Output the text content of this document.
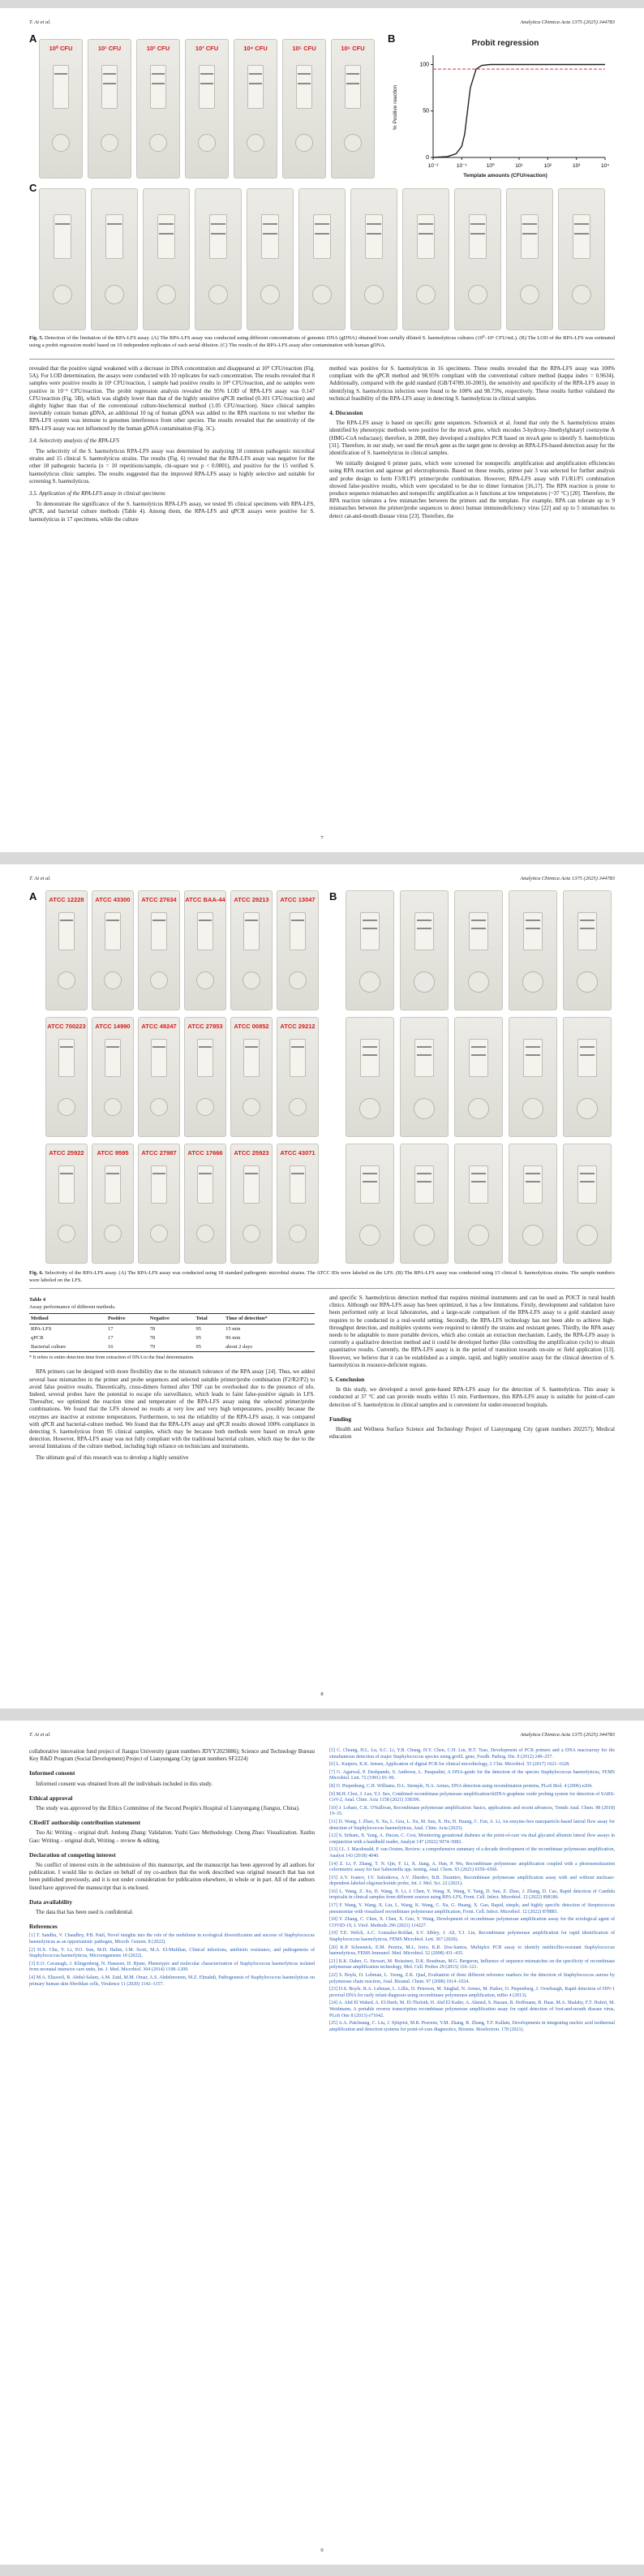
T. Ai et al.	Analytica Chimica Acta 1375 (2025) 344783
A
10⁰ CFU	10¹ CFU	10² CFU	10³ CFU	10⁴ CFU	10⁵ CFU	10⁶ CFU
B	Probit regression
% Positive reaction
0
50
100
10⁻²	10⁻¹	10⁰	10¹	10²	10³	10⁴
Template amounts (CFU/reaction)
C
Fig. 5. Detection of the limitation of the RPA-LFS assay. (A) The RPA-LFS assay was conducted using different concentrations of genomic DNA (gDNA) obtained from serially diluted S. haemolyticus cultures (10⁰–10⁶ CFU/mL). (B) The LOD of the RPA-LFS was estimated using a probit regression model based on 10 independent replicates of each serial dilution. (C) The results of the RPA-LFS assay after contamination with human gDNA.

revealed that the positive signal weakened with a decrease in DNA concentration and disappeared at 10⁰ CFU/reaction (Fig. 5A). For LOD determination, the assays were conducted with 10 replicates for each concentration. The results revealed that 8 samples were positive results in 10¹ CFU/reaction, 1 sample had positive results in 10⁰ CFU/reaction, and no samples were positive in 10⁻¹ CFU/reaction. The probit regression analysis revealed the 95% LOD of RPA-LFS assay was 0.147 CFU/reaction (Fig. 5B), which was slightly lower than that of the highly sensitive qPCR method (0.101 CFU/reaction) and slightly higher than that of the conventional culture-biochemical method (1.05 CFU/reaction). Since clinical samples inevitably contain human gDNA, an additional 10 ng of human gDNA was added to the RPA reactions to test whether the RPA-LFS system was immune to genomes interference from other species. The results revealed that the sensitivity of the RPA-LFS assay was not influenced by the human gDNA contamination (Fig. 5C).

3.4. Selectivity analysis of the RPA-LFS

The selectivity of the S. haemolyticus RPA-LFS assay was determined by analyzing 18 common pathogenic microbial strains and 15 clinical S. haemolyticus strains. The results (Fig. 6) revealed that the RPA-LFS assay was negative for the other 18 pathogenic bacteria (n = 10 repetitions/sample, chi-square test p < 0.0001), and positive for the 15 verified S. haemolyticus clinic samples. The results suggested that the improved RPA-LFS assay is highly selective and suitable for screening S. haemolyticus.

3.5. Application of the RPA-LFS assay in clinical specimens

To demonstrate the significance of the S. haemolyticus RPA-LFS assay, we tested 95 clinical specimens with RPA-LFS, qPCR, and bacterial culture methods (Table 4). Among them, the RPA-LFS and qPCR assays were positive for S. haemolyticus in 17 specimens, while the culture

method was positive for S. haemolyticus in 16 specimens. These results revealed that the RPA-LFS assay was 100% compliant with the qPCR method and 98.95% compliant with the conventional culture method (kappa index = 0.9634). Additionally, compared with the gold standard (GB/T4789.10-2003), the sensitivity and specificity of the RPA-LFS assay in identifying S. haemolyticus infection were found to be 100% and 98.73%, respectively. These results further validated the technical feasibility of the RPA-LFS assay in detecting S. haemolyticus in clinical samples.

4. Discussion

The RPA-LFS assay is based on specific gene sequences. Schoenick et al. found that only the S. haemolyticus strains identified by phenotypic methods were positive for the mvaA gene, which encodes 3-hydroxy-3methylglutaryl coenzyme A (HMG-CoA reductase); therefore, in 2008, they developed a multiplex PCR based on mvaA gene to identify S. haemolyticus [31]. Therefore, in our study, we used the mvaA gene as the target gene to develop an RPA-LFS-based detection assay for the identification of S. haemolyticus in clinical samples.

We initially designed 6 primer pairs, which were screened for nonspecific amplification and amplification efficiencies using RPA reaction and agarose gel electrophoresis. Based on these results, primer pair 3 was selected for further analysis and probe design to form F3/R1/P1 primer/probe combination. However, RPA-LFS assay with F1/R1/P1 combination showed false-positive results, which were speculated to be due to dimer formation [16,17]. The RPA reaction is prone to produce sequence mismatches and nonspecific amplification as it functions at low temperatures (~37 °C) [20]. Therefore, the RPA reaction tolerates a few mismatches between the primers and the template. For example, RPA can tolerate up to 9 mismatches between the primer/probe sequences to detect human immunodeficiency virus [22] and up to 5 mismatches to detect cat-and-mouth disease virus [23]. Therefore, the

7
T. Ai et al.	Analytica Chimica Acta 1375 (2025) 344783
A	ATCC 12228	ATCC 43300	ATCC 27634	ATCC BAA-44	ATCC 29213	ATCC 13047
ATCC 700223	ATCC 14990	ATCC 49247	ATCC 27853	ATCC 00852	ATCC 29212
ATCC 25922	ATCC 9595	ATCC 27987	ATCC 17666	ATCC 25923	ATCC 43071
B
Fig. 6. Selectivity of the RPA-LFS assay. (A) The RPA-LFS assay was conducted using 18 standard pathogenic microbial strains. The ATCC IDs were labeled on the LFS. (B) The RPA-LFS assay was conducted using 15 clinical S. haemolyticus strains. The sample numbers were labeled on the LFS.
Table 4
Assay performance of different methods.
Method	Positive	Negative	Total	Time of detection*
RPA-LFS	17	78	95	15 min
qPCR	17	78	95	96 min
Bacterial culture	16	79	95	about 2 days
* It refers to entire detection time from extraction of DNA to the final determination.

RPA primers can be designed with more flexibility due to the mismatch tolerance of the RPA assay [24]. Thus, we added several base mismatches in the primer and probe sequences and selected suitable primer/probe combination (F2/R2/P2) to avoid false positive results. Theoretically, cross-dimers formed after TNF can be overlooked due to the presence of nfo. Indeed, several probes have the potential to escape nfo surveillance, which leads to faint false-positive signals in LFS. Thereafter, we optimized the reaction time and temperature of the RPA-LFS assay using the selected primer/probe combinations. We found that the LFS showed no results at very low and very high temperatures, possibly because the enzymes are inactive at extreme temperatures. Furthermore, to test the reliability of the RPA-LFS assay, it was compared with qPCR and bacterial-culture method. We found that the RPA-LFS assay and qPCR results showed 100% compliance in detecting S. haemolyticus from 95 clinical samples, which may be because both methods were based on mvaA gene detection. However, RPA-LFS assay was not fully compliant with the traditional bacterial culture, which may be due to the several limitations of the culture method, including high reliance on technicians and instruments.

The ultimate goal of this research was to develop a highly sensitive

and specific S. haemolyticus detection method that requires minimal instruments and can be used as POCT in rural health clinics. Although our RPA-LFS assay has been optimized, it has a few limitations. Firstly, development and validation have been performed only at local laboratories, and a large-scale comparison of the RPA-LFS assay to a gold standard assay requires to be conducted in a real-world setting. Secondly, the RPA-LFS technology has not been able to achieve high-throughput detection, and multiplex systems were required to identify the strains and resistant genes. Thirdly, the RPA assay needs to be adaptable to more portable devices, which also contain an extraction mechanism. Lastly, the RPA-LFS assay is currently a qualitative detection method and it could be developed further (like controlling the amplification cycle) to obtain quantitative results. Currently, the RPA-LFS assay is in the period of transition towards on-site or field application [13]. However, we believe that it can be established as a simple, rapid, and highly sensitive assay for the clinical detection of S. haemolyticus in resource-deficient regions.

5. Conclusion

In this study, we developed a novel gene-based RPA-LFS assay for the detection of S. haemolyticus. This assay is conducted at 37 °C and can provide results within 15 min. Furthermore, this RPA-LFS assay is suitable for point-of-care detection of S. haemolyticus in clinical samples and is convenient for under-resourced hospitals.

Funding

Health and Wellness Surface Science and Technology Project of Lianyungang City (grant numbers 202257); Medical education

8
T. Ai et al.	Analytica Chimica Acta 1375 (2025) 344783

collaborative innovation fund project of Jiangsu University (grant numbers JDYY2023086); Science and Technology Bureau Key R&D Program (Social Development) Project of Lianyungang City (grant numbers SF2224)

Informed consent

Informed consent was obtained from all the individuals included in this study.

Ethical approval

The study was approved by the Ethics Committee of the Second People's Hospital of Lianyungang (Jiangsu, China).

CRediT authorship contribution statement

Tuo Ai: Writing – original draft. Junlong Zhang: Validation. Yuzhi Gao: Methodology. Chong Zhao: Visualization. Xuzhu Gao: Writing – original draft, Writing – review & editing.

Declaration of competing interest

No conflict of interest exits in the submission of this manuscript, and the manuscript has been approved by all authors for publication. I would like to declare on behalf of my co-authors that the work described was original research that has not been published previously, and it is not under consideration for publication elsewhere, in whole or in part. All of the authors listed have approved the manuscript that is enclosed.

Data availability

The data that has been used is confidential.

References
[1] T. Sandhu, V. Chaudhry, P.B. Patil, Novel insights into the role of the mobilome in ecological diversification and success of Staphylococcus haemolyticus as an opportunistic pathogen, Microb. Genom. 8 (2022).
[2] H.X. Chu, Y. Li, P.O. Sun, M.H. Halim, I.M. Scott, M.A. El-Mufdian, Clinical infections, antibiotic resistance, and pathogenesis of Staphylococcus haemolyticus, Microorganisms 10 (2022).
[3] E.O. Cavanagh, J. Klingenberg, N. Hanssen, H. Bjune, Phenotypic and molecular characterization of Staphylococcus haemolyticus isolated from neonatal intensive care units, Int. J. Med. Microbiol. 304 (2014) 1198–1209.
[4] M.A. Eltaweil, R. Abdul-Salam, A.M. Zaid, M.M. Omar, A.S. Abdelmonem, M.Z. Elmahdi, Pathogenesis of Staphylococcus haemolyticus on primary human skin fibroblast cells, Virulence 11 (2020) 1142–1157.
[5] C. Chiang, H.L. Lu, S.C. Li, Y.B. Chung, H.Y. Chen, C.H. Lin, H.T. Tsao, Development of PCR primers and a DNA macroarray for the simultaneous detection of major Staphylococcus species using groEL gene, Foodb. Pathog. Dis. 9 (2012) 249–257.
[6] L. Kuipers, K.K. Jensen, Application of digital PCR for clinical microbiology, J. Clin. Microbiol. 55 (2017) 1621–1628.
[7] G. Agarwal, P. Deshpande, S. Ambrose, L. Pasqualini, A DNA-guide for the detection of the species Staphylococcus haemolyticus, FEMS Microbiol. Lett. 72 (1991) 93–96.
[8] O. Piepenburg, C.H. Williams, D.L. Stemple, N.A. Armes, DNA detection using recombination proteins, PLoS Biol. 4 (2006) e204.
[9] M.H. Choi, J. Lee, Y.J. Seo, Combined recombinase polymerase amplification/rkDNA-graphene oxide probing system for detection of SARS-CoV-2, Anal. Chim. Acta 1158 (2021) 338396.
[10] J. Lobato, C.K. O'Sullivan, Recombinase polymerase amplification: basics, applications and recent advances, Trends Anal. Chem. 98 (2018) 19–35.
[11] D. Wang, J. Zhao, X. Xu, L. Gou, L. Xu, M. Sun, X. Hu, H. Huang, C. Fan, A. Li, An enzyme-free nanoparticle-based lateral flow assay for detection of Staphylococcus haemolyticus, Anal. Chim. Acta (2025).
[12] S. Srikam, X. Yang, A. Ducan, C. Cost, Monitoring gestational diabetes at the point-of-care via dual glycated albumin lateral flow assays in conjunction with a handheld reader, Analyst 147 (2022) 5074–5082.
[13] J.L. J. Macdonald, P. van Oosten, Review: a comprehensive summary of a decade development of the recombinase polymerase amplification, Analyst 143 (2018) 4040.
[14] Z. Li, F. Zhang, T. N. Qin, F. Li, X. Jiang, A. Han, P. Wu, Recombinase polymerase amplification coupled with a photosensitization colorimetric assay for fast Salmonella spp. testing, Anal. Chem. 93 (2021) 6559–6566.
[15] A.V. Ivanov, I.V. Safenkova, A.V. Zherdev, B.B. Dzantiev, Recombinase polymerase amplification assay with and without nuclease-dependent-labeled oligonucleotide probe, Int. J. Mol. Sci. 22 (2021).
[16] L. Wang, Z. Xu, D. Wang, X. Li, J. Chen, Y. Wang, X. Wang, Y. Yang, D. Sun, Z. Zhao, J. Zhang, D. Cao, Rapid detection of Candida tropicalis in clinical samples from different sources using RPA-LFS, Front. Cell. Infect. Microbiol. 12 (2022) 898186.
[17] F. Wang, Y. Wang, X. Liu, L. Wang, K. Wang, C. Xu, G. Huang, X. Gao, Rapid, simple, and highly specific detection of Streptococcus pneumoniae with visualized recombinase polymerase amplification, Front. Cell. Infect. Microbiol. 12 (2022) 878881.
[18] Y. Zhang, C. Chen, X. Chen, X. Guo, Y. Wang, Development of recombinase polymerase amplification assay for the ectological agent of COVID-19, J. Virol. Methods 296 (2021) 114227.
[19] T.E. Welch, A.C. Gonzalez-Roldan, S.V. Sibley, J. Ali, Y.J. Liu, Recombinase polymerase amplification for rapid identification of Staphylococcus haemolyticus, FEMS Microbiol. Lett. 367 (2020).
[20] K.P. Schoenick, E.M. Pereira, M.L. Iorio, K.R. Dos-Santos, Multiplex PCR assay to identify methicillin-resistant Staphylococcus haemolyticus, FEMS Immunol. Med. Microbiol. 52 (2008) 431–435.
[21] R.K. Daher, G. Stewart, M. Boissinot, D.K. Boudreau, M.G. Bergeron, Influence of sequence mismatches on the specificity of recombinase polymerase amplification technology, Mol. Cell. Probes 29 (2015) 116–121.
[22] S. Boyle, D. Lehman, L. Yeong, Z.K. Qual, Evaluation of three different reference markers for the detection of Staphylococcus aureus by polymerase chain reaction, Anal. Bioanal. Chem. 97 (2008) 1014–1024.
[23] D.S. Boyle, R.A. Lehman, L. Lillis, D. Peterson, M. Singhal, N. Armes, M. Parker, O. Piepenburg, J. Overbaugh, Rapid detection of HIV-1 proviral DNA for early infant diagnosis using recombinase polymerase amplification, mBio 4 (2013).
[24] A. Abd El Wahed, A. El-Deeb, M. El-Tholoth, H. Abd El Kader, A. Ahmed, S. Hassan, B. Hoffmann, B. Haas, M.A. Shalaby, F.T. Hufert, M. Weidmann, A portable reverse transcription recombinase polymerase amplification assay for rapid detection of foot-and-mouth disease virus, PLoS One 8 (2013) e71642.
[25] A.A. Patchsung, C. Liu, J. Sjöqvist, M.R. Praveen, Y.M. Zhang, R. Zhang, T.F. Kallam, Developments in integrating nucleic acid isothermal amplification and detection systems for point-of-care diagnostics, Biosens. Bioelectron. 178 (2021).
9
